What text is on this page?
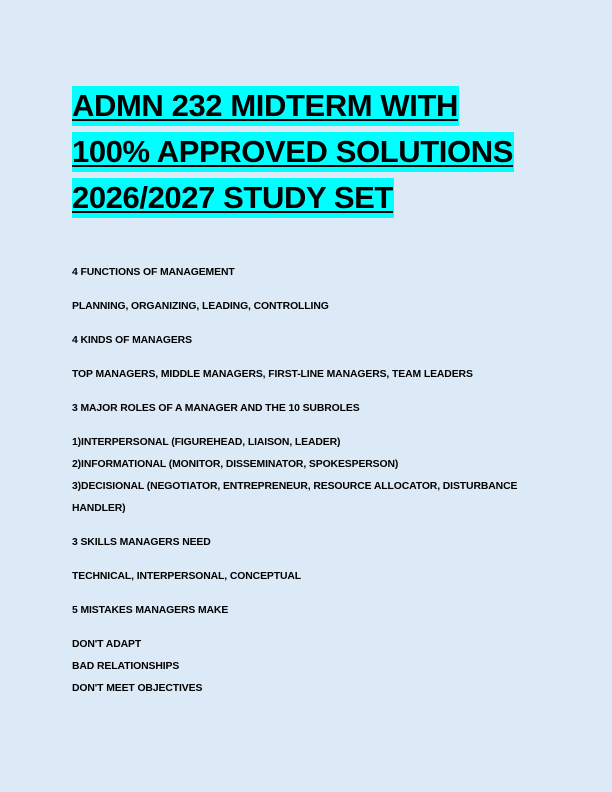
ADMN 232 MIDTERM WITH
100% APPROVED SOLUTIONS
2026/2027 STUDY SET
4 FUNCTIONS OF MANAGEMENT
PLANNING, ORGANIZING, LEADING, CONTROLLING
4 KINDS OF MANAGERS
TOP MANAGERS, MIDDLE MANAGERS, FIRST-LINE MANAGERS, TEAM LEADERS
3 MAJOR ROLES OF A MANAGER AND THE 10 SUBROLES
1)INTERPERSONAL (FIGUREHEAD, LIAISON, LEADER)
2)INFORMATIONAL (MONITOR, DISSEMINATOR, SPOKESPERSON)
3)DECISIONAL (NEGOTIATOR, ENTREPRENEUR, RESOURCE ALLOCATOR, DISTURBANCE
HANDLER)
3 SKILLS MANAGERS NEED
TECHNICAL, INTERPERSONAL, CONCEPTUAL
5 MISTAKES MANAGERS MAKE
DON'T ADAPT
BAD RELATIONSHIPS
DON'T MEET OBJECTIVES
